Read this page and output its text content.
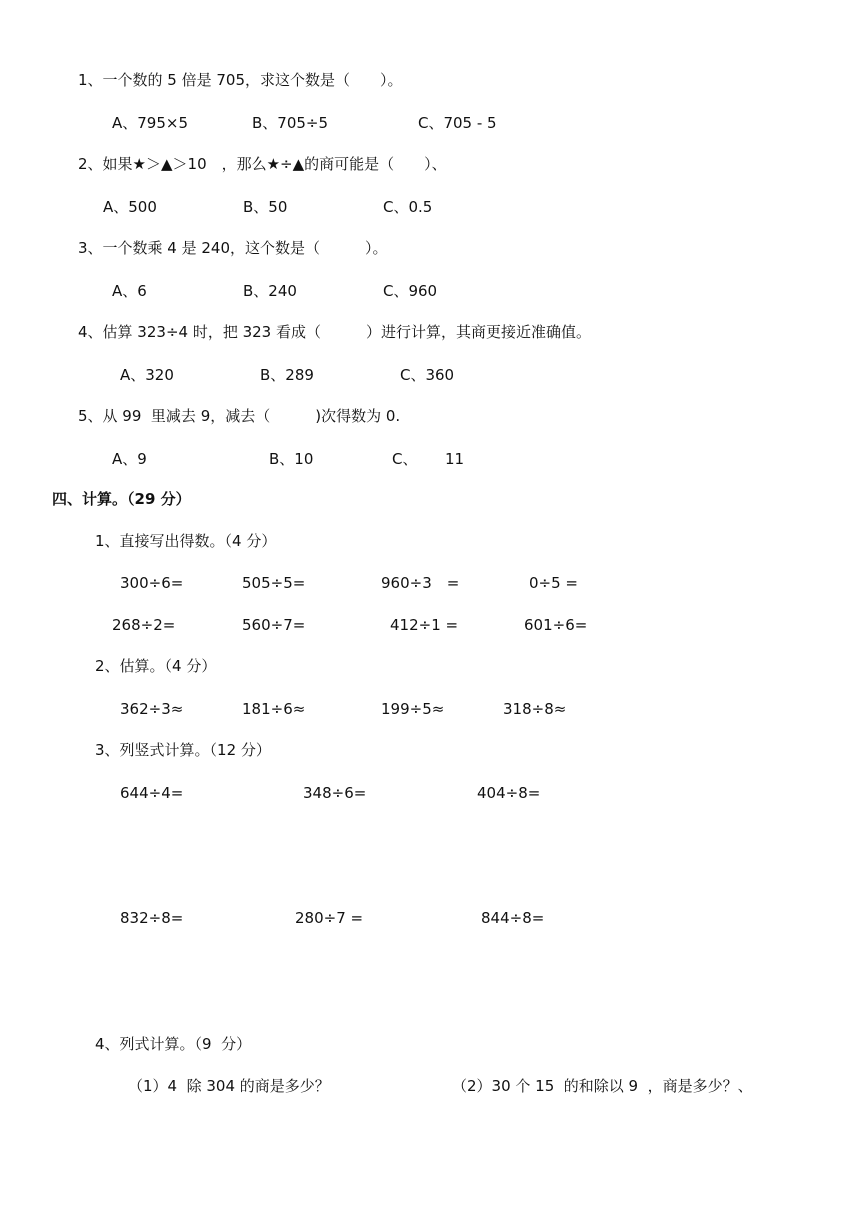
1、一个数的 5 倍是 705，求这个数是（　　）。
A、795×5	B、705÷5	C、705 - 5
2、如果★＞▲＞10　，那么★÷▲的商可能是（　　）、
A、500	B、50	C、0.5
3、一个数乘 4 是 240，这个数是（　　　）。
A、6	B、240	C、960
4、估算 323÷4 时，把 323 看成（　　　）进行计算，其商更接近准确值。
A、320	B、289	C、360
5、从 99  里减去 9，减去（　　　)次得数为 0.
A、9	B、10	C、 11
四、计算。（29 分）
1、直接写出得数。（4 分）
300÷6=	505÷5=	960÷3　=	0÷5 =
268÷2=	560÷7=	412÷1 =	601÷6=
2、估算。（4 分）
362÷3≈	181÷6≈	199÷5≈	318÷8≈
3、列竖式计算。（12 分）
644÷4=	348÷6=	404÷8=
832÷8=	280÷7 =	844÷8=
4、列式计算。（9  分）
（1）4  除 304 的商是多少？	（2）30 个 15  的和除以 9  ，商是多少？、
